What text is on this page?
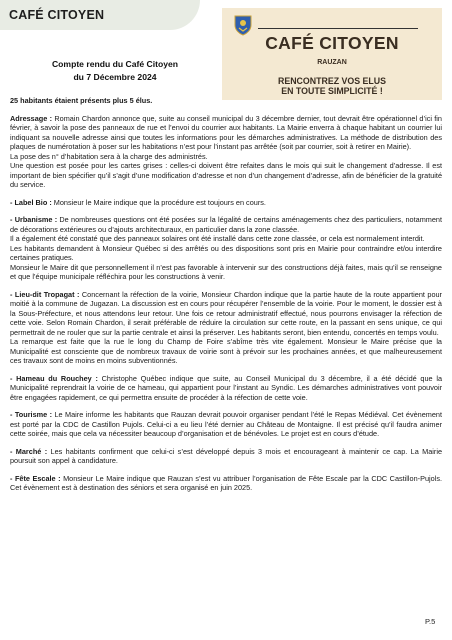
CAFÉ CITOYEN
Compte rendu du Café Citoyen
du 7 Décembre 2024
CAFÉ CITOYEN
RAUZAN
RENCONTREZ VOS ELUS
EN TOUTE SIMPLICITÉ !

25 habitants étaient présents plus 5 élus.

Adressage : Romain Chardon annonce que, suite au conseil municipal du 3 décembre dernier, tout devrait être opérationnel d’ici fin février, à savoir la pose des panneaux de rue et l’envoi du courrier aux habitants. La Mairie enverra à chaque habitant un courrier lui indiquant sa nouvelle adresse ainsi que toutes les informations pour les démarches administratives. La méthode de distribution des plaques de numérotation à poser sur les habitations n’est pour l’instant pas arrêtée (soit par courrier, soit à retirer en Mairie).

La pose des n° d’habitation sera à la charge des administrés.

Une question est posée pour les cartes grises : celles-ci doivent être refaites dans le mois qui suit le changement d’adresse. Il est important de bien spécifier qu’il s’agit d’une modification d’adresse et non d’un changement d’adresse, afin de bénéficier de la gratuité du service.

- Label Bio : Monsieur le Maire indique que la procédure est toujours en cours.

- Urbanisme : De nombreuses questions ont été posées sur la légalité de certains aménagements chez des particuliers, notamment de décorations extérieures ou d’ajouts architecturaux, en particulier dans la zone classée.

Il a également été constaté que des panneaux solaires ont été installé dans cette zone classée, or cela est normalement interdit.

Les habitants demandent à Monsieur Québec si des arrêtés ou des dispositions sont pris en Mairie pour contraindre et/ou interdire certaines pratiques.

Monsieur le Maire dit que personnellement il n’est pas favorable à intervenir sur des constructions déjà faites, mais qu’il se renseigne et que l’équipe municipale réfléchira pour les constructions à venir.

- Lieu-dit Tropagat : Concernant la réfection de la voirie, Monsieur Chardon indique que la partie haute de la route appartient pour moitié à la commune de Jugazan. La discussion est en cours pour récupérer l’ensemble de la voirie. Pour le moment, le dossier est à la Sous-Préfecture, et nous attendons leur retour. Une fois ce retour administratif effectué, nous pourrons envisager la réfection de cette voie. Selon Romain Chardon, il serait préférable de réduire la circulation sur cette route, en la passant en sens unique, ce qui permettrait de ne rouler que sur la partie centrale et ainsi la préserver. Les habitants seront, bien entendu, concertés en temps voulu.

La remarque est faite que la rue le long du Champ de Foire s’abîme très vite également. Monsieur le Maire précise que la Municipalité est consciente que de nombreux travaux de voirie sont à prévoir sur les prochaines années, et que malheureusement ces travaux sont de moins en moins subventionnés.

- Hameau du Rouchey : Christophe Québec indique que suite, au Conseil Municipal du 3 décembre, il a été décidé que la Municipalité reprendrait la voirie de ce hameau, qui appartient pour l’instant au Syndic. Les démarches administratives vont pouvoir être engagées rapidement, ce qui permettra ensuite de procéder à la réfection de cette voie.

- Tourisme : Le Maire informe les habitants que Rauzan devrait pouvoir organiser pendant l’été le Repas Médiéval. Cet évènement est porté par la CDC de Castillon Pujols. Celui-ci a eu lieu l’été dernier au Château de Montaigne. Il est précisé qu’il faudra animer cette soirée, mais que cela va nécessiter beaucoup d’organisation et de bénévoles. Le projet est en cours d’étude.

- Marché : Les habitants confirment que celui-ci s’est développé depuis 3 mois et encourageant à maintenir ce cap. La Mairie poursuit son appel à candidature.

- Fête Escale : Monsieur Le Maire indique que Rauzan s’est vu attribuer l’organisation de Fête Escale par la CDC Castillon-Pujols. Cet évènement est à destination des séniors et sera organisé en juin 2025.

P.5
